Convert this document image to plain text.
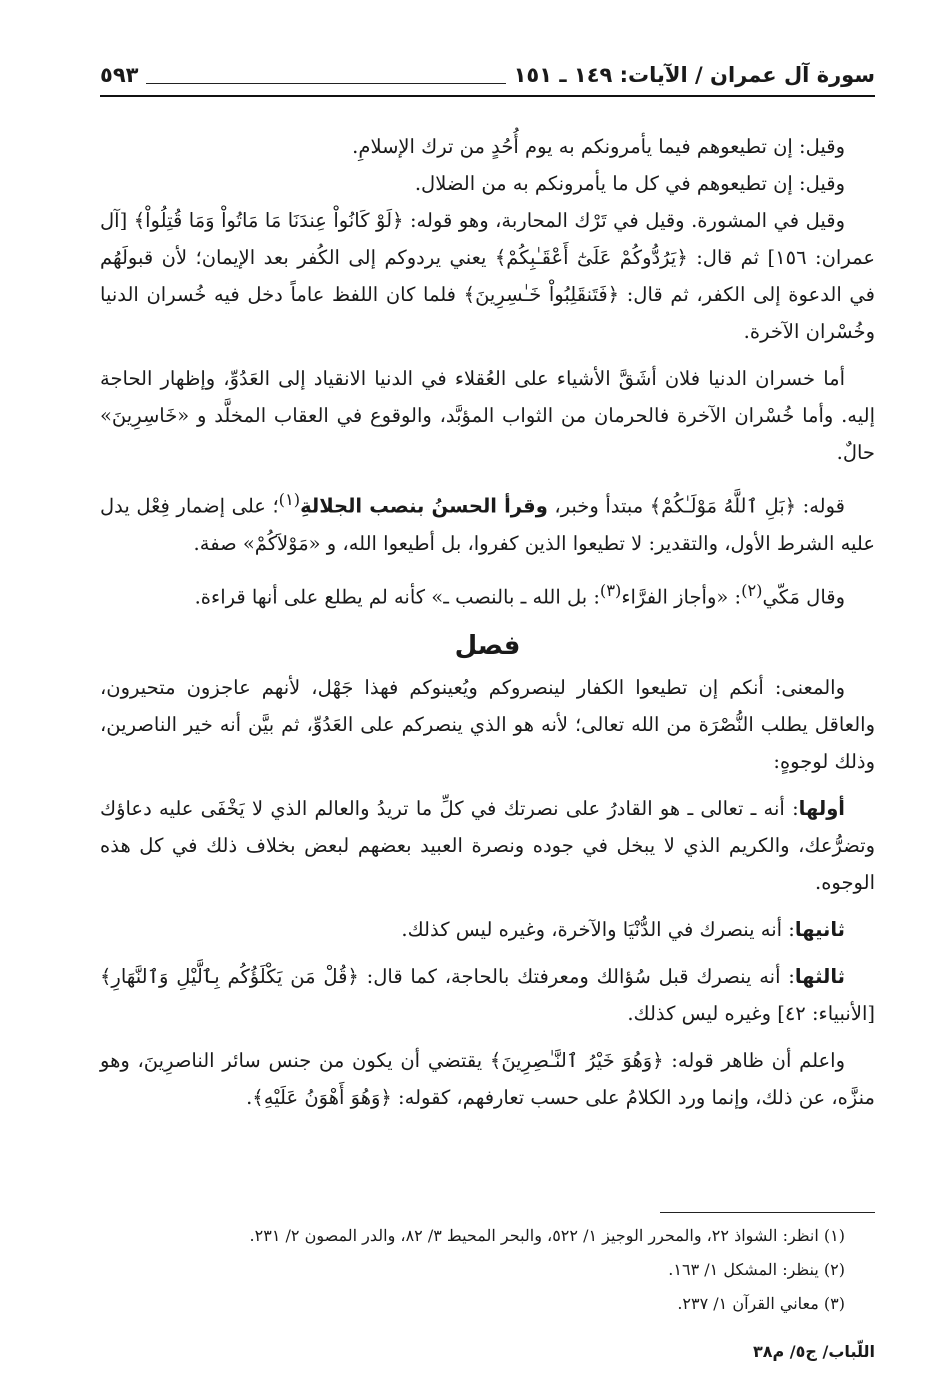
سورة آل عمران / الآيات: ١٤٩ ـ ١٥١
٥٩٣

وقيل: إن تطيعوهم فيما يأمرونكم به يوم أُحُدٍ من ترك الإسلامِ.

وقيل: إن تطيعوهم في كل ما يأمرونكم به من الضلال.

وقيل في المشورة. وقيل في تَرْك المحاربة، وهو قوله: ﴿لَوْ كَانُواْ عِندَنَا مَا مَاتُواْ وَمَا قُتِلُواْ﴾ [آل عمران: ١٥٦] ثم قال: ﴿يَرُدُّوكُمْ عَلَىٰٓ أَعْقَـٰبِكُمْ﴾ يعني يردوكم إلى الكُفر بعد الإيمان؛ لأن قبولَهُم في الدعوة إلى الكفر، ثم قال: ﴿فَتَنقَلِبُواْ خَـٰسِرِينَ﴾ فلما كان اللفظ عاماً دخل فيه خُسران الدنيا وخُسْران الآخرة.

أما خسران الدنيا فلان أشَقَّ الأشياء على العُقلاء في الدنيا الانقياد إلى العَدُوِّ، وإظهار الحاجة إليه. وأما خُسْران الآخرة فالحرمان من الثواب المؤبَّد، والوقوع في العقاب المخلَّد و «خَاسِرِينَ» حالٌ.

قوله: ﴿بَلِ ٱللَّهُ مَوْلَـٰكُمْ﴾ مبتدأ وخبر، وقرأ الحسنُ بنصب الجلالةِ$^{(١)}$؛ على إضمار فِعْل يدل عليه الشرط الأول، والتقدير: لا تطيعوا الذين كفروا، بل أطيعوا الله، و «مَوْلاَكُمْ» صفة.

وقال مَكّي$^{(٢)}$: «وأجاز الفرَّاء$^{(٣)}$: بل الله ـ بالنصب ـ» كأنه لم يطلع على أنها قراءة.

فصل

والمعنى: أنكم إن تطيعوا الكفار لينصروكم ويُعينوكم فهذا جَهْل، لأنهم عاجزون متحيرون، والعاقل يطلب النُّصْرَة من الله تعالى؛ لأنه هو الذي ينصركم على العَدُوِّ، ثم بيَّن أنه خير الناصرين، وذلك لوجوهٍ:

أولها: أنه ـ تعالى ـ هو القادرُ على نصرتك في كلِّ ما تريدُ والعالم الذي لا يَخْفَى عليه دعاؤك وتضرُّعك، والكريم الذي لا يبخل في جوده ونصرة العبيد بعضهم لبعض بخلاف ذلك في كل هذه الوجوه.

ثانيها: أنه ينصرك في الدُّنْيَا والآخرة، وغيره ليس كذلك.

ثالثها: أنه ينصرك قبل سُؤالك ومعرفتك بالحاجة، كما قال: ﴿قُلْ مَن يَكْلَؤُكُم بِٱلَّيْلِ وَٱلنَّهَارِ﴾ [الأنبياء: ٤٢] وغيره ليس كذلك.

واعلم أن ظاهر قوله: ﴿وَهُوَ خَيْرُ ٱلنَّـٰصِرِينَ﴾ يقتضي أن يكون من جنس سائر الناصرِينَ، وهو منزَّه، عن ذلك، وإنما ورد الكلامُ على حسب تعارفهم، كقوله: ﴿وَهُوَ أَهْوَنُ عَلَيْهِ﴾.

(١) انظر: الشواذ ٢٢، والمحرر الوجيز ١/ ٥٢٢، والبحر المحيط ٣/ ٨٢، والدر المصون ٢/ ٢٣١.

(٢) ينظر: المشكل ١/ ١٦٣.

(٣) معاني القرآن ١/ ٢٣٧.

اللّباب/ ج٥/ م٣٨
